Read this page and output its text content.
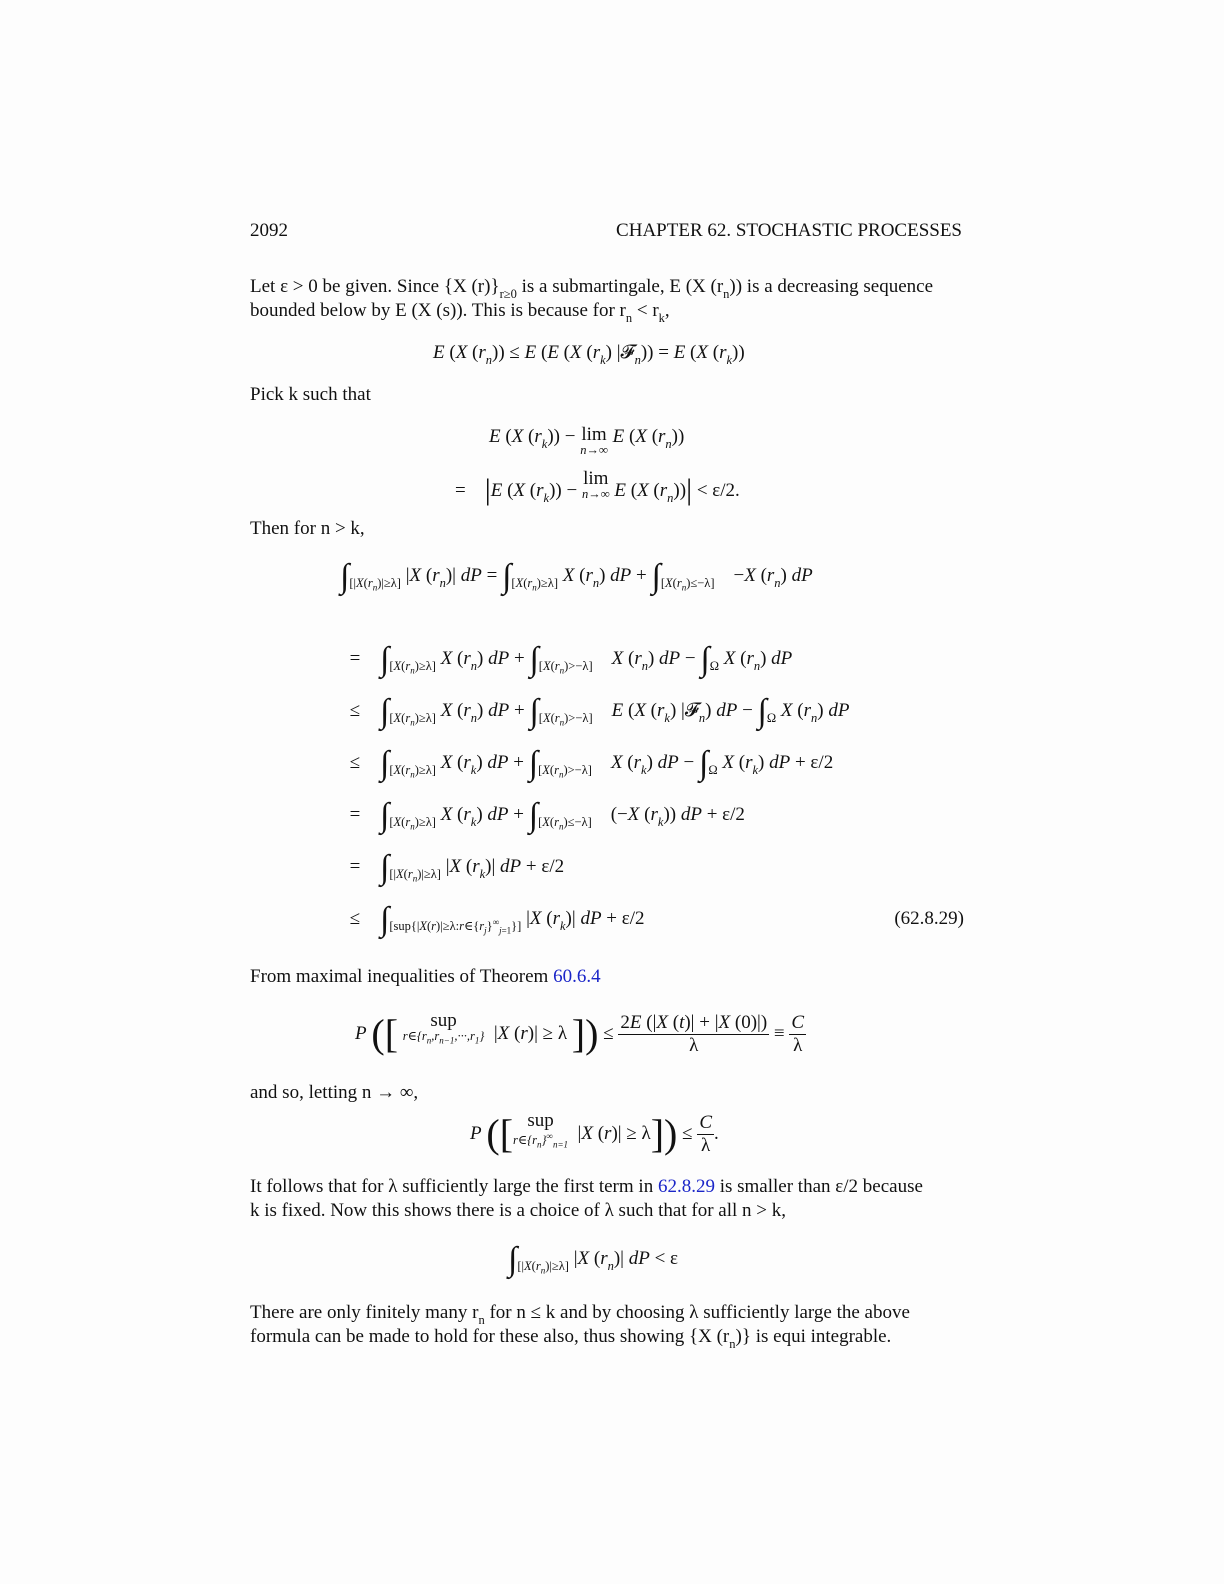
2092	CHAPTER 62. STOCHASTIC PROCESSES
Let ε > 0 be given. Since {X $(r)\}_{r\ge 0}$ is a submartingale, E (X $(r_n)$) is a decreasing sequence
bounded below by E (X (s)). This is because for $r_n < r_k$,
E (X $(r_n)) \le E$ (E (X $(r_k)$ |𝓕$_n$)) = E (X $(r_k)$)
Pick k such that
E (X $(r_k)) - \lim$
n→∞
E (X $(r_n)$)
=    |E (X $(r_k)) - \lim$
n→∞ E (X $(r_n))| < \varepsilon/2$.
Then for n > k,
$\int_{[|X(r_n)|\ge\lambda]}$ |X $(r_n)|$ dP = $\int_{[X(r_n)\ge\lambda]}$ X $(r_n)$ dP + $\int_{[X(r_n)\le-\lambda]}$    −X $(r_n)$ dP
= $\int_{[X(r_n)\ge\lambda]}$ X $(r_n)$ dP + $\int_{[X(r_n)>-\lambda]}$ X $(r_n)$ dP − $\int_\Omega$ X $(r_n)$ dP
≤ $\int_{[X(r_n)\ge\lambda]}$ X $(r_n)$ dP + $\int_{[X(r_n)>-\lambda]}$ E (X $(r_k)$ |𝓕$_n$) dP − $\int_\Omega$ X $(r_n)$ dP
≤ $\int_{[X(r_n)\ge\lambda]}$ X $(r_k)$ dP + $\int_{[X(r_n)>-\lambda]}$ X $(r_k)$ dP − $\int_\Omega$ X $(r_k)$ dP + ε/2
= $\int_{[X(r_n)\ge\lambda]}$ X $(r_k)$ dP + $\int_{[X(r_n)\le-\lambda]}$    (−X $(r_k)$) dP + ε/2
= $\int_{[|X(r_n)|\ge\lambda]}$ |X $(r_k)|$ dP + ε/2
≤ $\int_{[sup\{|X(r)|\ge\lambda:r\in\{r_j\}^\infty_{j=1}\}]}$ |X $(r_k)|$ dP + ε/2	(62.8.29)
From maximal inequalities of Theorem 60.6.4
P ([ sup
$r\in\{r_n,r_{n-1},\cdot\cdot\cdot,r_1\}$ |X (r)| ≥ λ ]) ≤ $\frac{2E (|X (t)| + |X (0)|)}{\lambda} \equiv \frac{C}{\lambda}$
and so, letting n → ∞,
P ([ sup
$r\in\{r_n\}^\infty_{n=1}$
|X $(r)| \ge \lambda]) \le \frac{C}{\lambda}$ .
It follows that for λ sufficiently large the first term in 62.8.29 is smaller than ε/2 because
k is fixed. Now this shows there is a choice of λ such that for all n > k,
$\int_{[|X(r_n)|\ge\lambda]}$ |X $(r_n)|$ dP < ε
There are only finitely many $r_n$ for n ≤ k and by choosing λ sufficiently large the above
formula can be made to hold for these also, thus showing {X $(r_n)$} is equi integrable.
